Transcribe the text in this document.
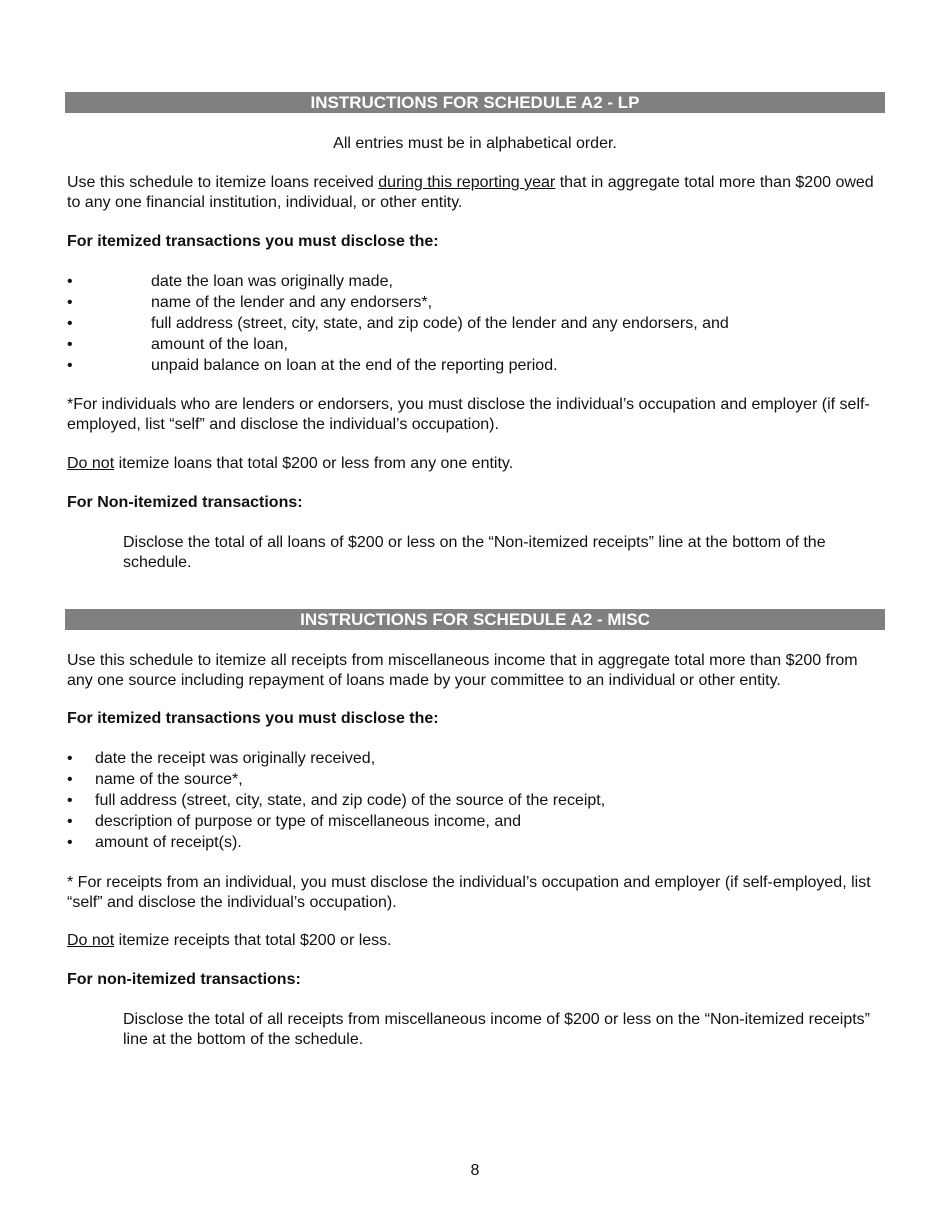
INSTRUCTIONS FOR SCHEDULE A2 - LP
All entries must be in alphabetical order.
Use this schedule to itemize loans received during this reporting year that in aggregate total more than $200 owed to any one financial institution, individual, or other entity.
For itemized transactions you must disclose the:
•	date the loan was originally made,
•	name of the lender and any endorsers*,
•	full address (street, city, state, and zip code) of the lender and any endorsers, and
•	amount of the loan,
•	unpaid balance on loan at the end of the reporting period.
*For individuals who are lenders or endorsers, you must disclose the individual’s occupation and employer (if self-employed, list “self” and disclose the individual’s occupation).
Do not itemize loans that total $200 or less from any one entity.
For Non-itemized transactions:
Disclose the total of all loans of $200 or less on the “Non-itemized receipts” line at the bottom of the schedule.
INSTRUCTIONS FOR SCHEDULE A2 - MISC
Use this schedule to itemize all receipts from miscellaneous income that in aggregate total more than $200 from any one source including repayment of loans made by your committee to an individual or other entity.
For itemized transactions you must disclose the:
• date the receipt was originally received,
• name of the source*,
• full address (street, city, state, and zip code) of the source of the receipt,
• description of purpose or type of miscellaneous income, and
• amount of receipt(s).
* For receipts from an individual, you must disclose the individual’s occupation and employer (if self-employed, list “self” and disclose the individual’s occupation).
Do not itemize receipts that total $200 or less.
For non-itemized transactions:
Disclose the total of all receipts from miscellaneous income of $200 or less on the “Non-itemized receipts” line at the bottom of the schedule.
8
